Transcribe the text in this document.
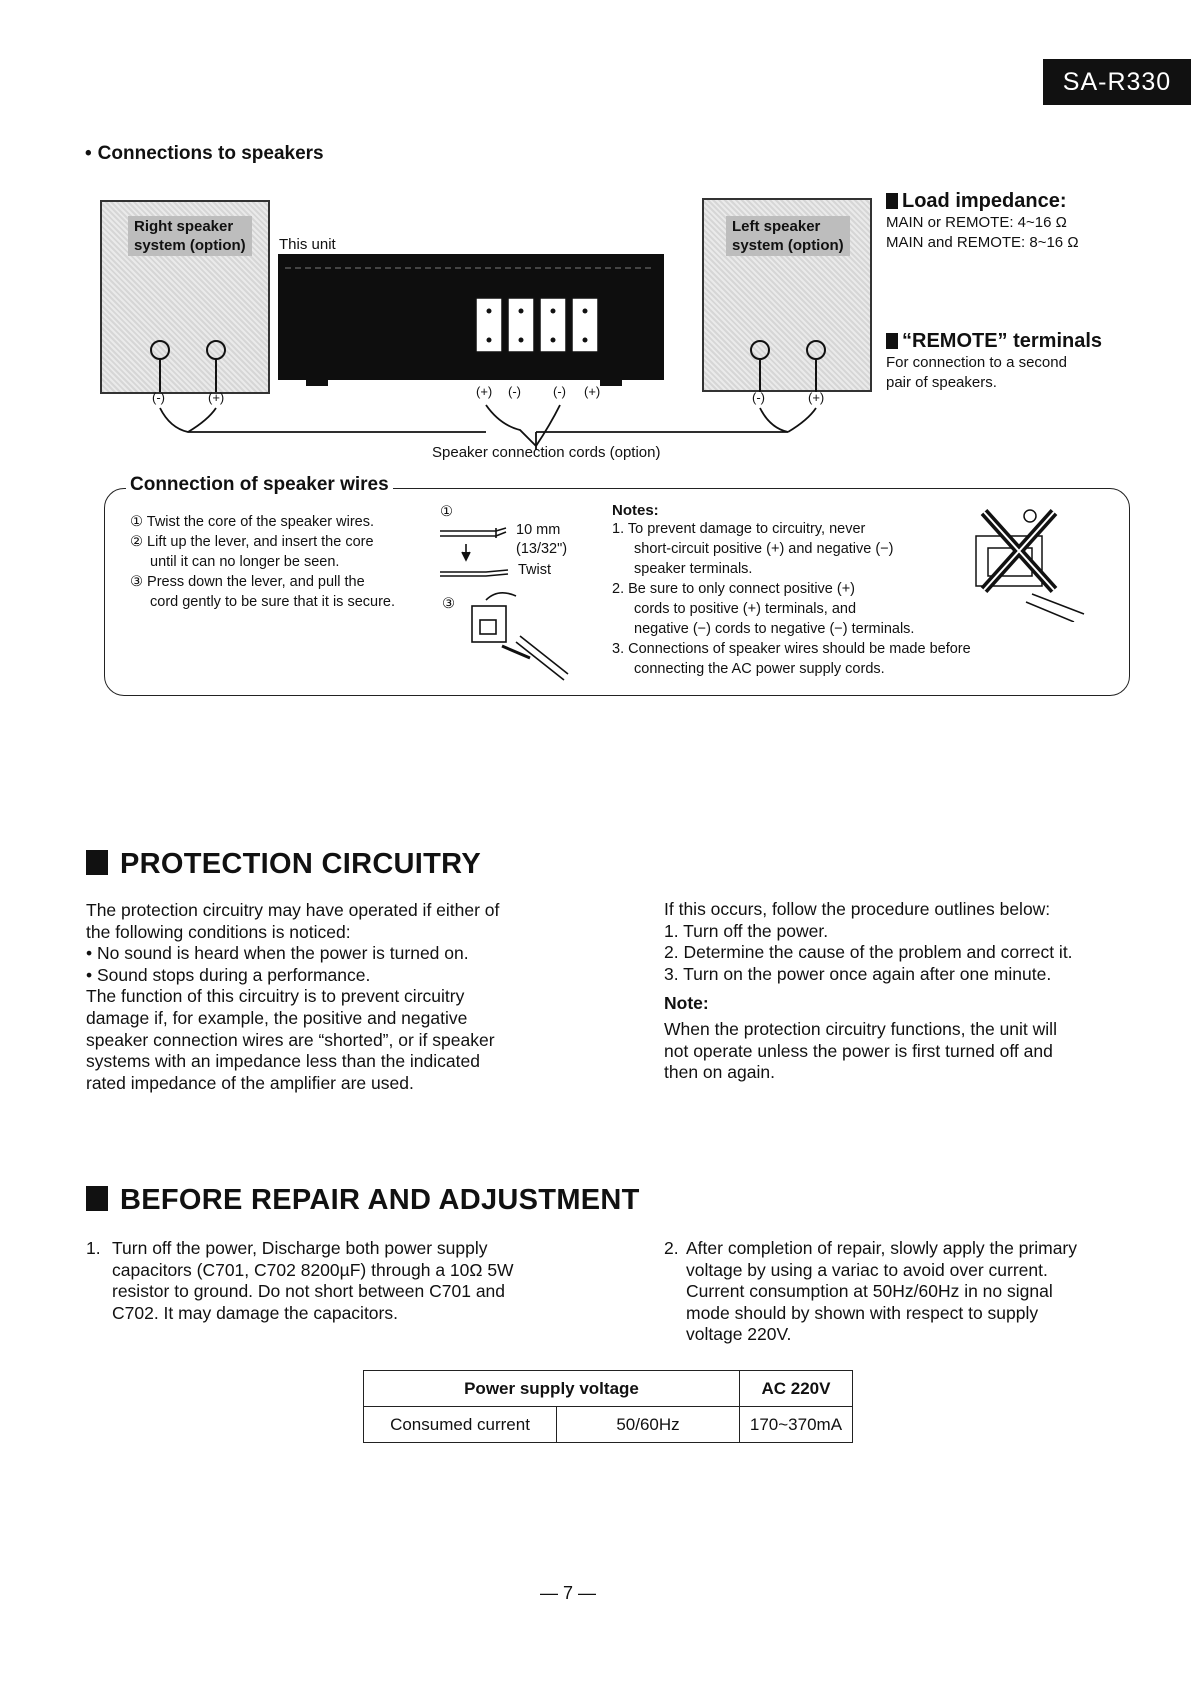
SA-R330
• Connections to speakers
Right speaker
system (option) This unit
Left speaker
system (option)
(-)	(+)	(+) (-) (-) (+)	(-)	(+)
Speaker connection cords (option)
Load impedance:
MAIN or REMOTE: 4~16 Ω
MAIN and REMOTE: 8~16 Ω
“REMOTE” terminals
For connection to a second
pair of speakers.
Connection of speaker wires
① Twist the core of the speaker wires.
② Lift up the lever, and insert the core
until it can no longer be seen.
③ Press down the lever, and pull the
cord gently to be sure that it is secure.
①
③
10 mm
(13/32")
Twist
Notes:
1. To prevent damage to circuitry, never
short-circuit positive (+) and negative (−)
speaker terminals.
2. Be sure to only connect positive (+)
cords to positive (+) terminals, and
negative (−) cords to negative (−) terminals.
3. Connections of speaker wires should be made before
connecting the AC power supply cords.
PROTECTION CIRCUITRY
The protection circuitry may have operated if either of
the following conditions is noticed:
• No sound is heard when the power is turned on.
• Sound stops during a performance.
The function of this circuitry is to prevent circuitry
damage if, for example, the positive and negative
speaker connection wires are “shorted”, or if speaker
systems with an impedance less than the indicated
rated impedance of the amplifier are used.
If this occurs, follow the procedure outlines below:
1. Turn off the power.
2. Determine the cause of the problem and correct it.
3. Turn on the power once again after one minute.
Note:
When the protection circuitry functions, the unit will
not operate unless the power is first turned off and
then on again.
BEFORE REPAIR AND ADJUSTMENT
1. Turn off the power, Discharge both power supply
capacitors (C701, C702 8200µF) through a 10Ω 5W
resistor to ground. Do not short between C701 and
C702. It may damage the capacitors.
2. After completion of repair, slowly apply the primary
voltage by using a variac to avoid over current.
Current consumption at 50Hz/60Hz in no signal
mode should by shown with respect to supply
voltage 220V.
Power supply voltage		AC 220V
Consumed current	50/60Hz	170~370mA
— 7 —
